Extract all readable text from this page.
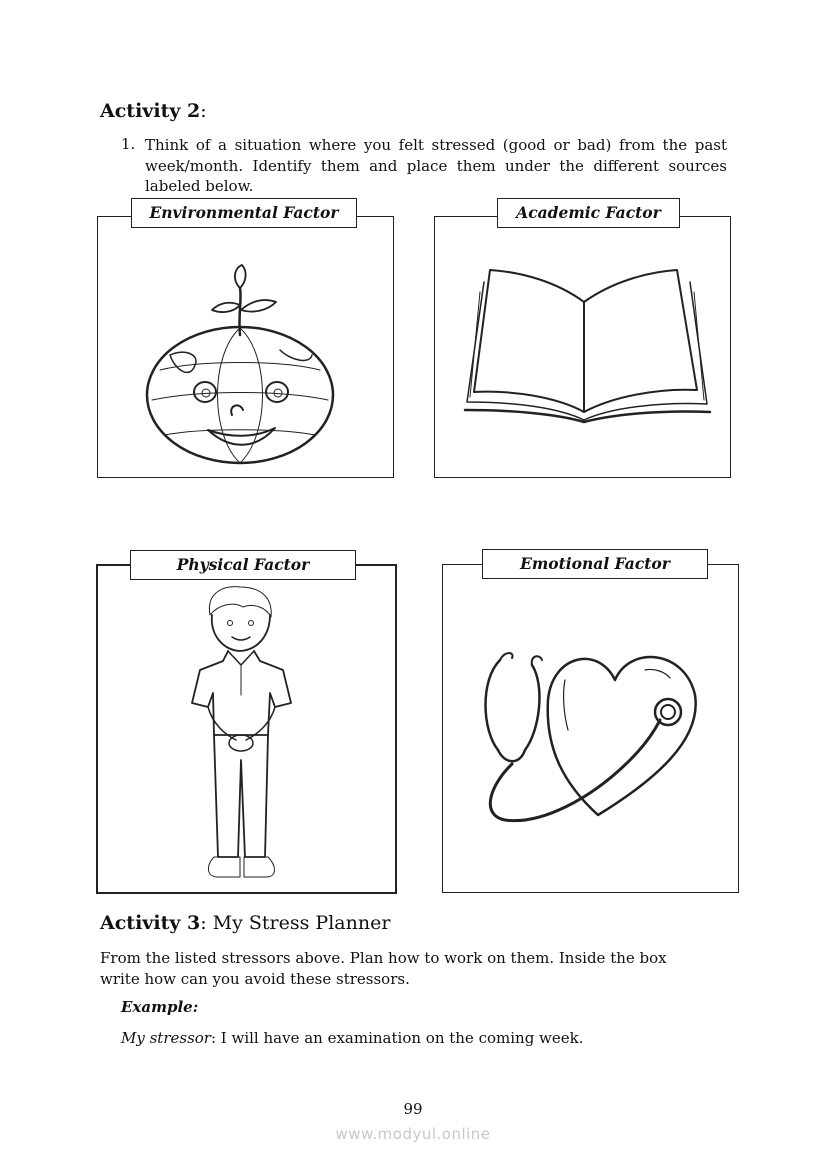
Activity 2:
1. Think of a situation where you felt stressed (good or bad) from the past week/month. Identify them and place them under the different sources labeled below.
Environmental Factor	Academic Factor
Physical Factor	Emotional Factor
Activity 3: My Stress Planner
From the listed stressors above. Plan how to work on them. Inside the box write how can you avoid these stressors.
Example:
My stressor: I will have an examination on the coming week.
99
www.modyul.online
